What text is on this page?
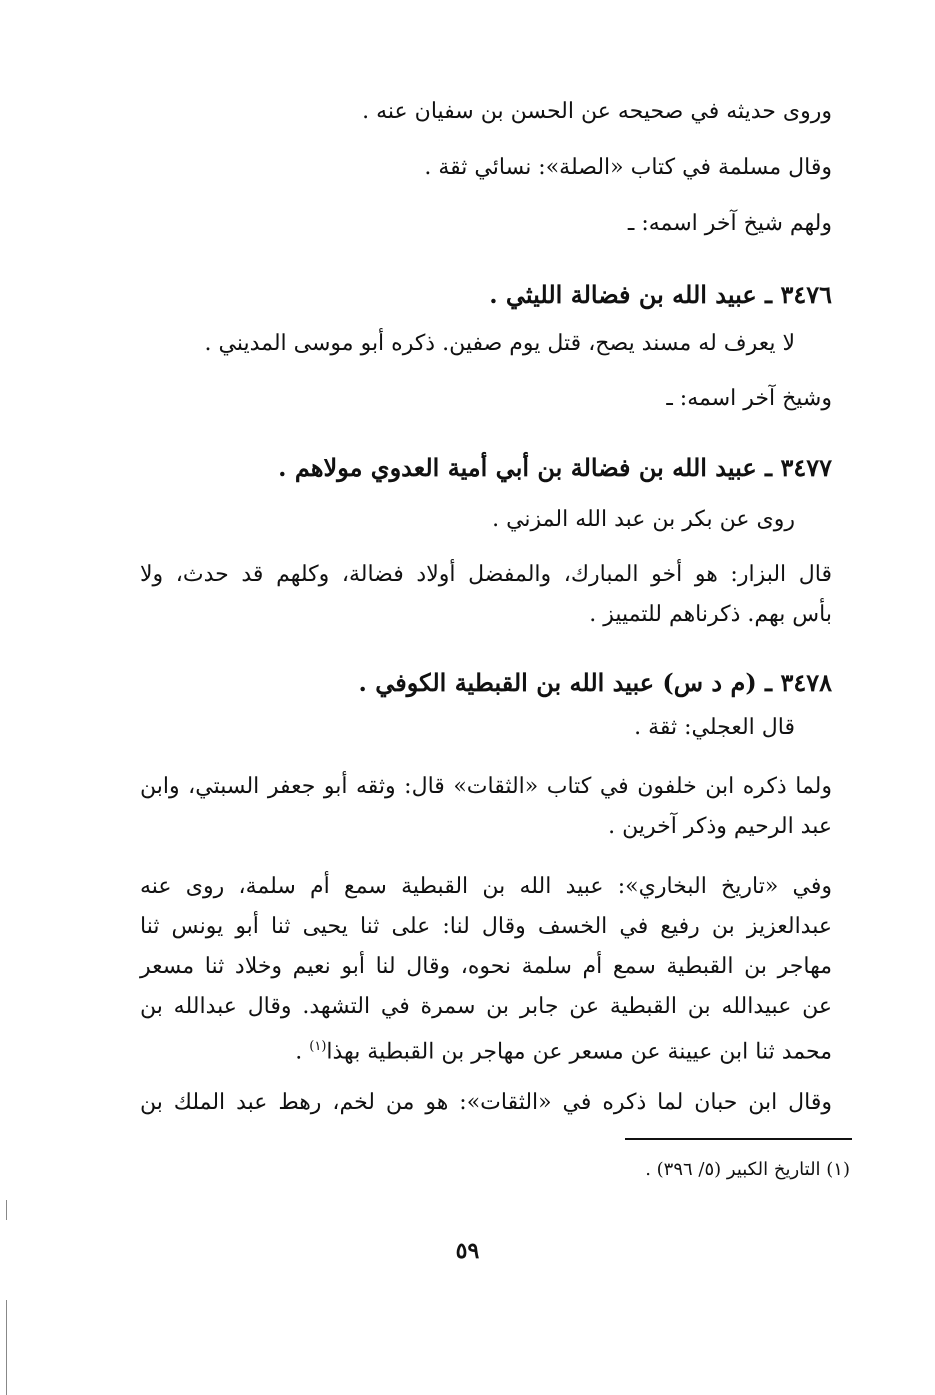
وروى حديثه في صحيحه عن الحسن بن سفيان عنه .
وقال مسلمة في كتاب «الصلة»: نسائي ثقة .
ولهم شيخ آخر اسمه: ـ
٣٤٧٦ ـ عبيد الله بن فضالة الليثي .
لا يعرف له مسند يصح، قتل يوم صفين. ذكره أبو موسى المديني .
وشيخ آخر اسمه: ـ
٣٤٧٧ ـ عبيد الله بن فضالة بن أبي أمية العدوي مولاهم .
روى عن بكر بن عبد الله المزني .
قال البزار: هو أخو المبارك، والمفضل أولاد فضالة، وكلهم قد حدث، ولا
بأس بهم. ذكرناهم للتمييز .
٣٤٧٨ ـ (م د س) عبيد الله بن القبطية الكوفي .
قال العجلي: ثقة .
ولما ذكره ابن خلفون في كتاب «الثقات» قال: وثقه أبو جعفر السبتي، وابن
عبد الرحيم وذكر آخرين .
وفي «تاريخ البخاري»: عبيد الله بن القبطية سمع أم سلمة، روى عنه
عبدالعزيز بن رفيع في الخسف وقال لنا: على ثنا يحيى ثنا أبو يونس ثنا
مهاجر بن القبطية سمع أم سلمة نحوه، وقال لنا أبو نعيم وخلاد ثنا مسعر
عن عبيدالله بن القبطية عن جابر بن سمرة في التشهد. وقال عبدالله بن
محمد ثنا ابن عيينة عن مسعر عن مهاجر بن القبطية بهذا$^{(١)}$ .
وقال ابن حبان لما ذكره في «الثقات»: هو من لخم، رهط عبد الملك بن
(١) التاريخ الكبير (٥/ ٣٩٦) .
٥٩
